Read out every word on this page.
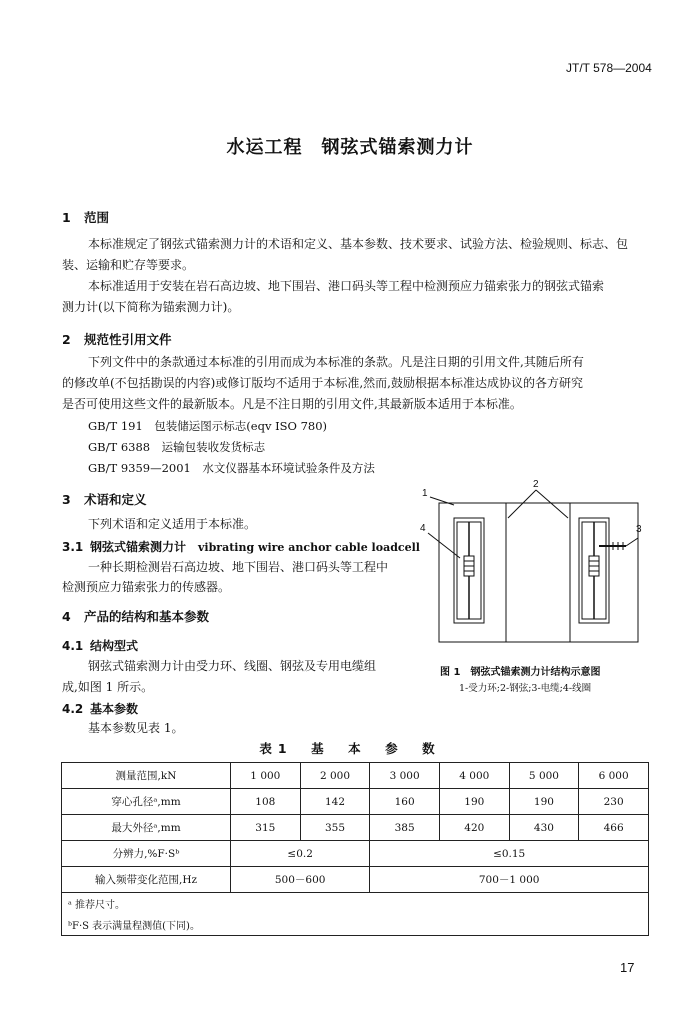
JT/T 578—2004
水运工程　钢弦式锚索测力计
1 范围
本标准规定了钢弦式锚索测力计的术语和定义、基本参数、技术要求、试验方法、检验规则、标志、包
装、运输和贮存等要求。
本标准适用于安装在岩石高边坡、地下围岩、港口码头等工程中检测预应力锚索张力的钢弦式锚索
测力计(以下简称为锚索测力计)。
2 规范性引用文件
下列文件中的条款通过本标准的引用而成为本标准的条款。凡是注日期的引用文件,其随后所有
的修改单(不包括勘误的内容)或修订版均不适用于本标准,然而,鼓励根据本标准达成协议的各方研究
是否可使用这些文件的最新版本。凡是不注日期的引用文件,其最新版本适用于本标准。
GB/T 191　包装储运图示标志(eqv ISO 780)
GB/T 6388　运输包装收发货标志
GB/T 9359—2001　水文仪器基本环境试验条件及方法
3 术语和定义
下列术语和定义适用于本标准。
3.1 钢弦式锚索测力计 vibrating wire anchor cable loadcell
一种长期检测岩石高边坡、地下围岩、港口码头等工程中
检测预应力锚索张力的传感器。
4 产品的结构和基本参数
4.1 结构型式
钢弦式锚索测力计由受力环、线圈、钢弦及专用电缆组
成,如图 1 所示。
4.2 基本参数
基本参数见表 1。
1
2
3
4
图 1　钢弦式锚索测力计结构示意图
1-受力环;2-钢弦;3-电缆;4-线圈
表1　基　本　参　数
测量范围,kN	1 000	2 000	3 000	4 000	5 000	6 000
穿心孔径ᵃ,mm	108	142	160	190	190	230
最大外径ᵃ,mm	315	355	385	420	430	466
分辨力,%F·Sᵇ	≤0.2		≤0.15			
输入频带变化范围,Hz	500－600		700－1 000			
ᵃ 推荐尺寸。						
ᵇF·S 表示满量程测值(下同)。						
17
